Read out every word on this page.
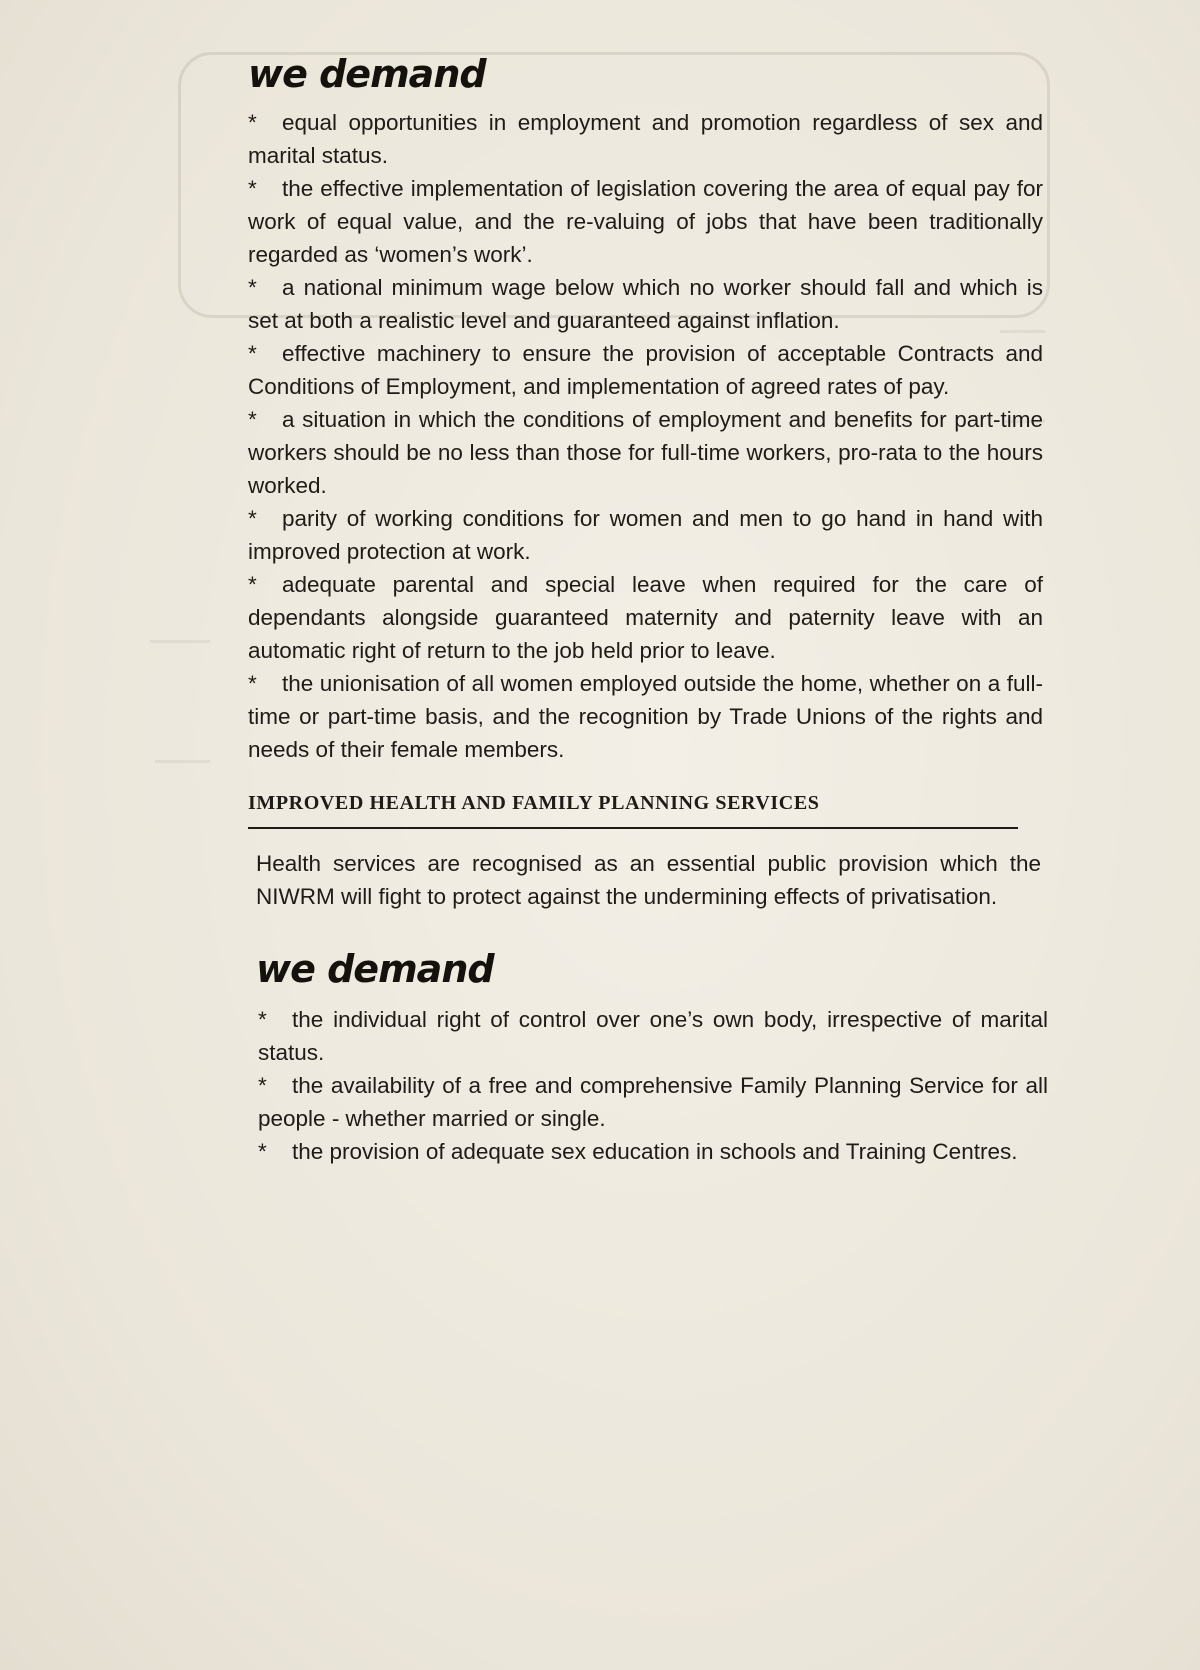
we demand

* equal opportunities in employment and promotion regardless of sex and marital status.

* the effective implementation of legislation covering the area of equal pay for work of equal value, and the re-valuing of jobs that have been traditionally regarded as ‘women’s work’.

* a national minimum wage below which no worker should fall and which is set at both a realistic level and guaranteed against inflation.

* effective machinery to ensure the provision of acceptable Contracts and Conditions of Employment, and implementation of agreed rates of pay.

* a situation in which the conditions of employment and benefits for part-time workers should be no less than those for full-time workers, pro-rata to the hours worked.

* parity of working conditions for women and men to go hand in hand with improved protection at work.

* adequate parental and special leave when required for the care of dependants alongside guaranteed maternity and paternity leave with an automatic right of return to the job held prior to leave.

* the unionisation of all women employed outside the home, whether on a full-time or part-time basis, and the recognition by Trade Unions of the rights and needs of their female members.

IMPROVED HEALTH AND FAMILY PLANNING SERVICES

Health services are recognised as an essential public provision which the NIWRM will fight to protect against the undermining effects of privatisation.

we demand

* the individual right of control over one’s own body, irrespective of marital status.

* the availability of a free and comprehensive Family Planning Service for all people - whether married or single.

* the provision of adequate sex education in schools and Training Centres.
